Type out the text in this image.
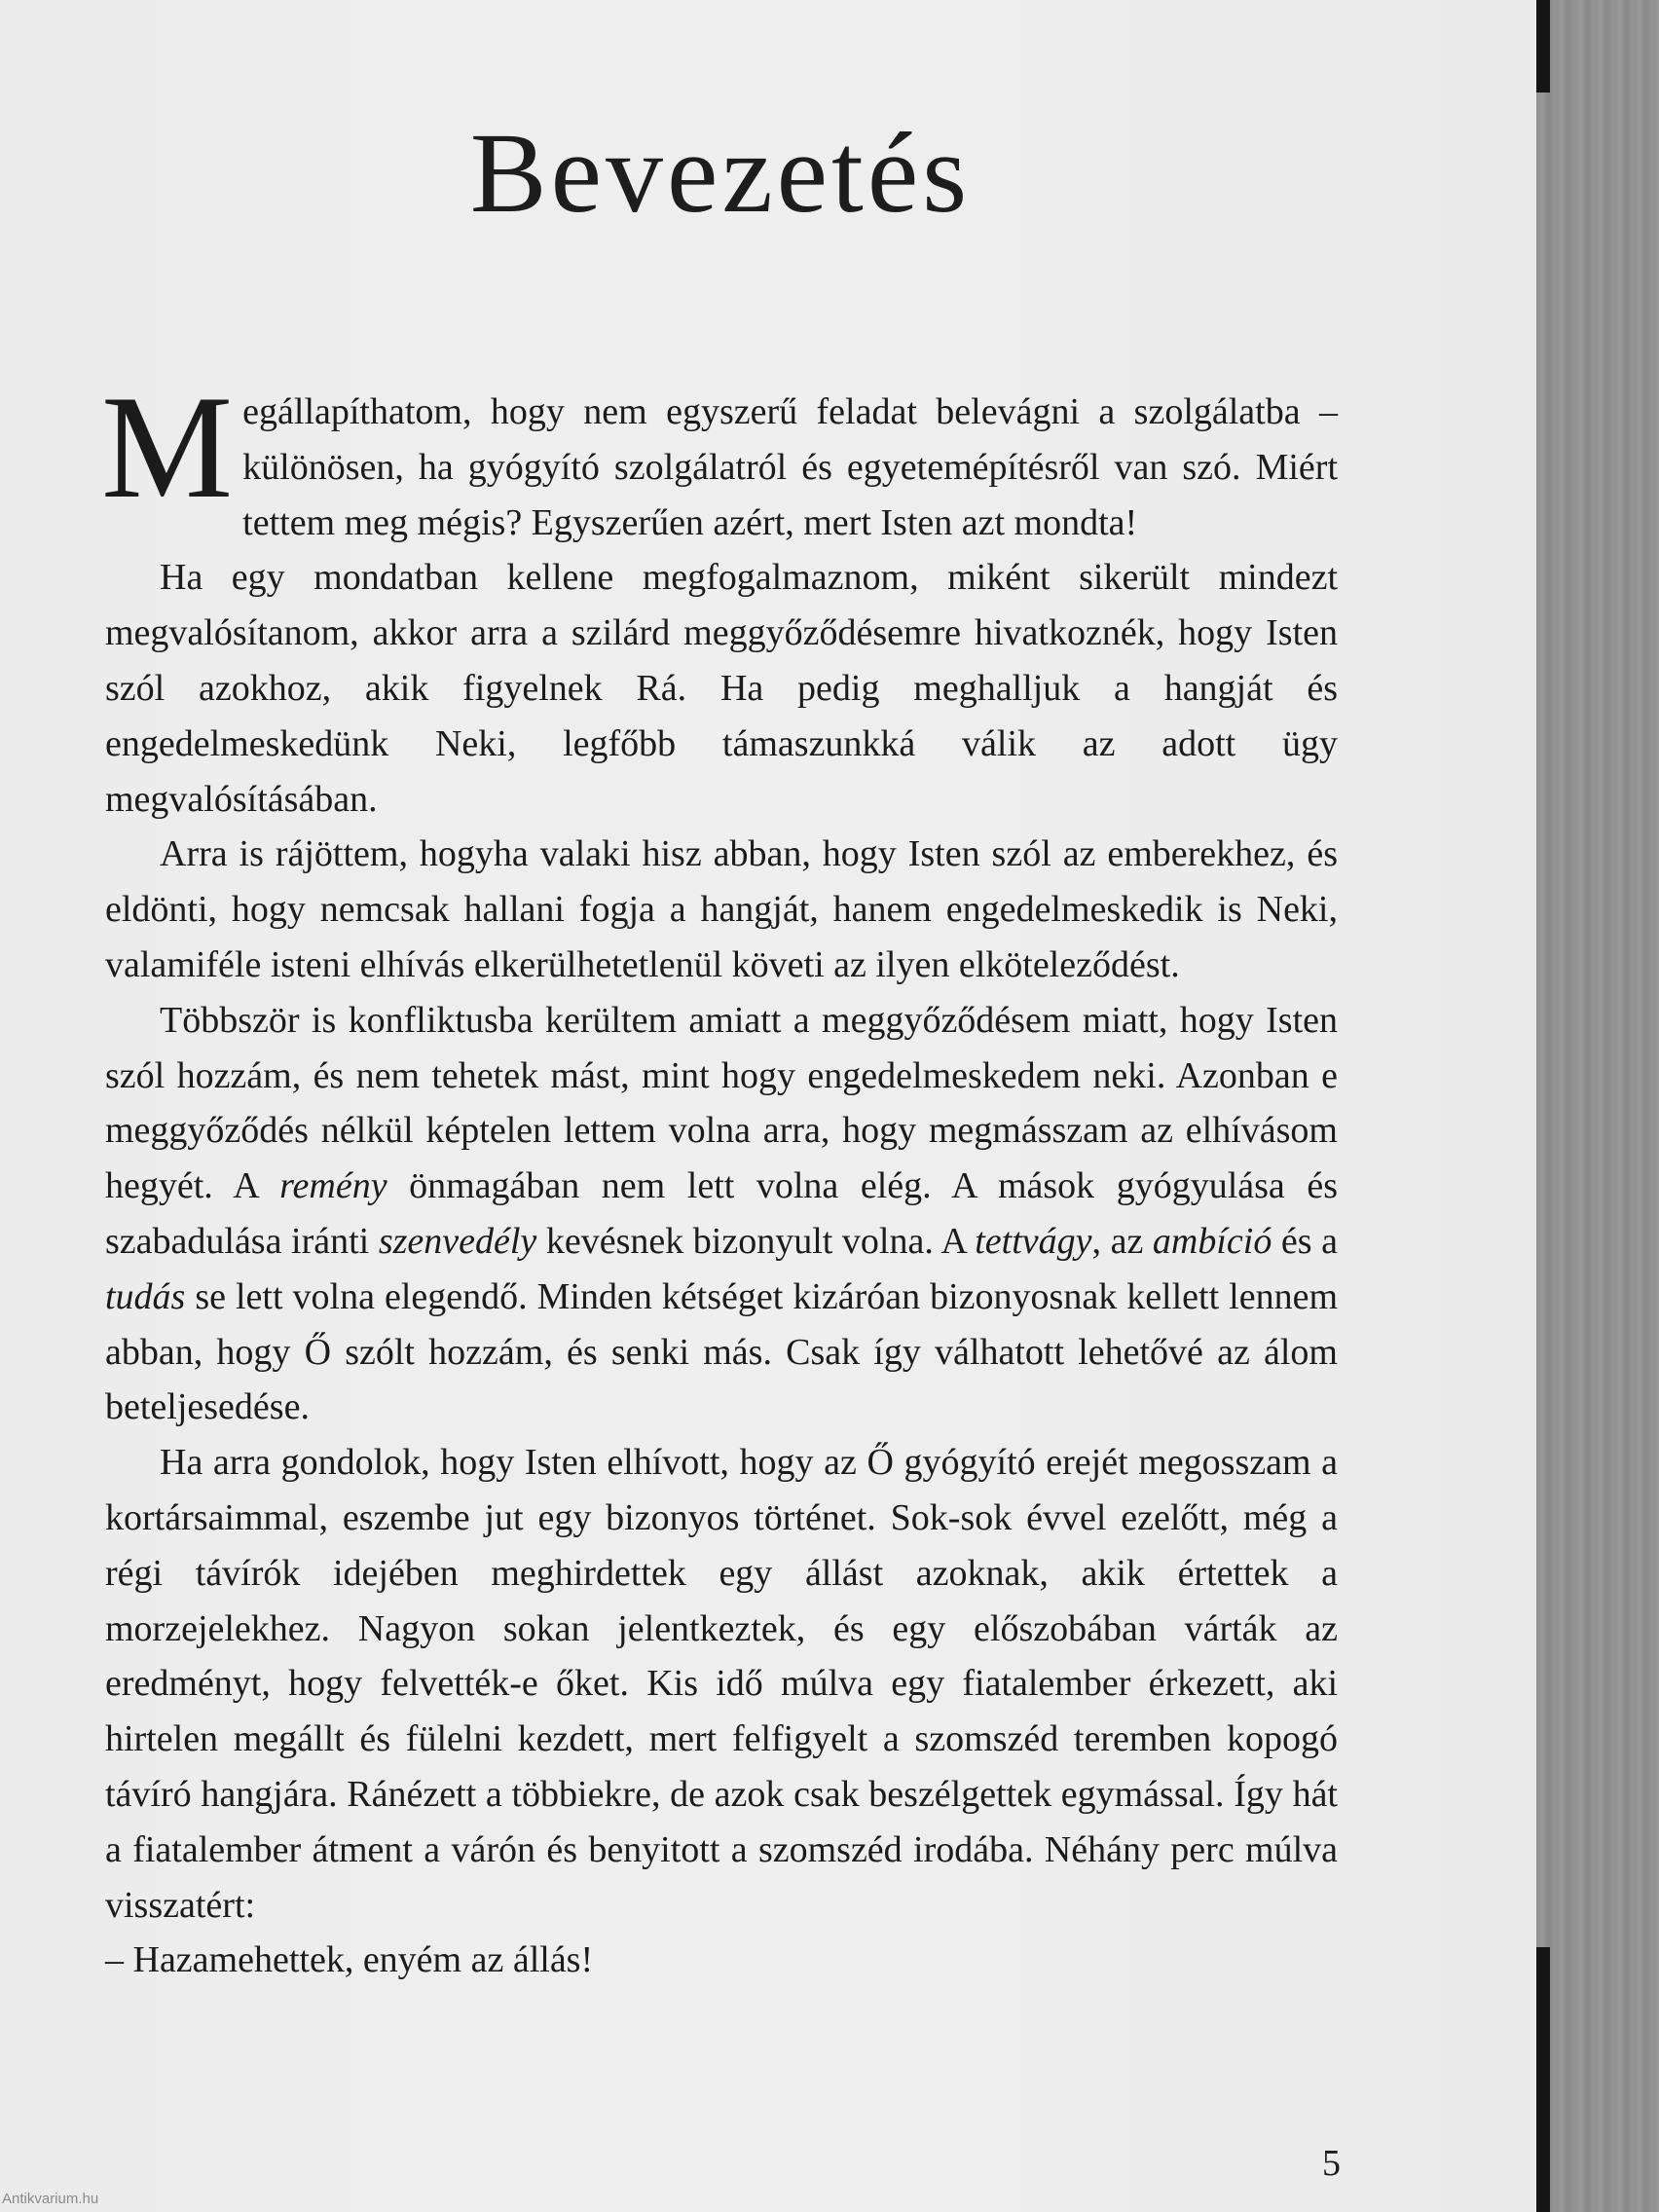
Bevezetés

Megállapíthatom, hogy nem egyszerű feladat belevágni a szolgálatba – különösen, ha gyógyító szolgálatról és egyetemépítésről van szó. Miért tettem meg mégis? Egyszerűen azért, mert Isten azt mondta!

Ha egy mondatban kellene megfogalmaznom, miként sikerült mindezt megvalósítanom, akkor arra a szilárd meggyőződésemre hivatkoznék, hogy Isten szól azokhoz, akik figyelnek Rá. Ha pedig meghalljuk a hangját és engedelmeskedünk Neki, legfőbb támaszunkká válik az adott ügy megvalósításában.

Arra is rájöttem, hogyha valaki hisz abban, hogy Isten szól az emberekhez, és eldönti, hogy nemcsak hallani fogja a hangját, hanem engedelmeskedik is Neki, valamiféle isteni elhívás elkerülhetetlenül követi az ilyen elköteleződést.

Többször is konfliktusba kerültem amiatt a meggyőződésem miatt, hogy Isten szól hozzám, és nem tehetek mást, mint hogy engedelmeskedem neki. Azonban e meggyőződés nélkül képtelen lettem volna arra, hogy megmásszam az elhívásom hegyét. A remény önmagában nem lett volna elég. A mások gyógyulása és szabadulása iránti szenvedély kevésnek bizonyult volna. A tettvágy, az ambíció és a tudás se lett volna elegendő. Minden kétséget kizáróan bizonyosnak kellett lennem abban, hogy Ő szólt hozzám, és senki más. Csak így válhatott lehetővé az álom beteljesedése.

Ha arra gondolok, hogy Isten elhívott, hogy az Ő gyógyító erejét megosszam a kortársaimmal, eszembe jut egy bizonyos történet. Sok-sok évvel ezelőtt, még a régi távírók idejében meghirdettek egy állást azoknak, akik értettek a morzejelekhez. Nagyon sokan jelentkeztek, és egy előszobában várták az eredményt, hogy felvették-e őket. Kis idő múlva egy fiatalember érkezett, aki hirtelen megállt és fülelni kezdett, mert felfigyelt a szomszéd teremben kopogó távíró hangjára. Ránézett a többiekre, de azok csak beszélgettek egymással. Így hát a fiatalember átment a várón és benyitott a szomszéd irodába. Néhány perc múlva visszatért:

– Hazamehettek, enyém az állás!

5
Antikvarium.hu
